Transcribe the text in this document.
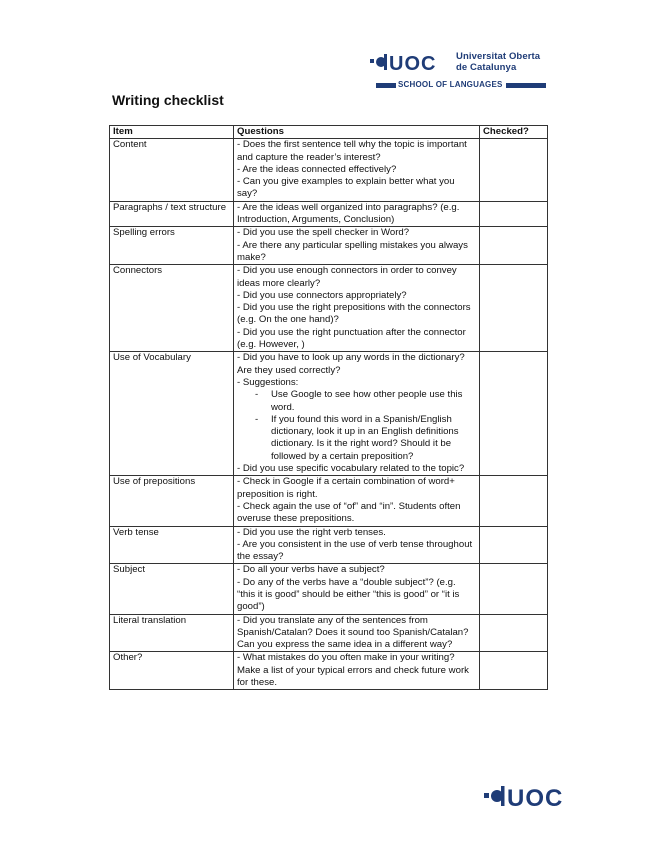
UOC Universitat Oberta
de Catalunya
SCHOOL OF LANGUAGES
Writing checklist
Item	Questions	Checked?
Content	- Does the first sentence tell why the topic is important and capture the reader’s interest?
- Are the ideas connected effectively?
- Can you give examples to explain better what you say?	

Paragraphs / text structure	- Are the ideas well organized into paragraphs? (e.g. Introduction, Arguments, Conclusion)	

Spelling errors	- Did you use the spell checker in Word?
- Are there any particular spelling mistakes you always make?	

Connectors	- Did you use enough connectors in order to convey ideas more clearly?
- Did you use connectors appropriately?
- Did you use the right prepositions with the connectors (e.g. On the one hand)?
- Did you use the right punctuation after the connector (e.g. However, )	

Use of Vocabulary	- Did you have to look up any words in the dictionary? Are they used correctly?
- Suggestions:
- Use Google to see how other people use this word.
- If you found this word in a Spanish/English dictionary, look it up in an English definitions dictionary. Is it the right word? Should it be followed by a certain preposition?
- Did you use specific vocabulary related to the topic?

Use of prepositions	- Check in Google if a certain combination of word+ preposition is right.
- Check again the use of “of” and “in”. Students often overuse these prepositions.	

Verb tense	- Did you use the right verb tenses.
- Are you consistent in the use of verb tense throughout the essay?	

Subject	- Do all your verbs have a subject?
- Do any of the verbs have a “double subject”? (e.g. “this it is good” should be either “this is good” or “it is good”)	

Literal translation	- Did you translate any of the sentences from Spanish/Catalan? Does it sound too Spanish/Catalan? Can you express the same idea in a different way?	

Other?	- What mistakes do you often make in your writing? Make a list of your typical errors and check future work for these.	

UOC
